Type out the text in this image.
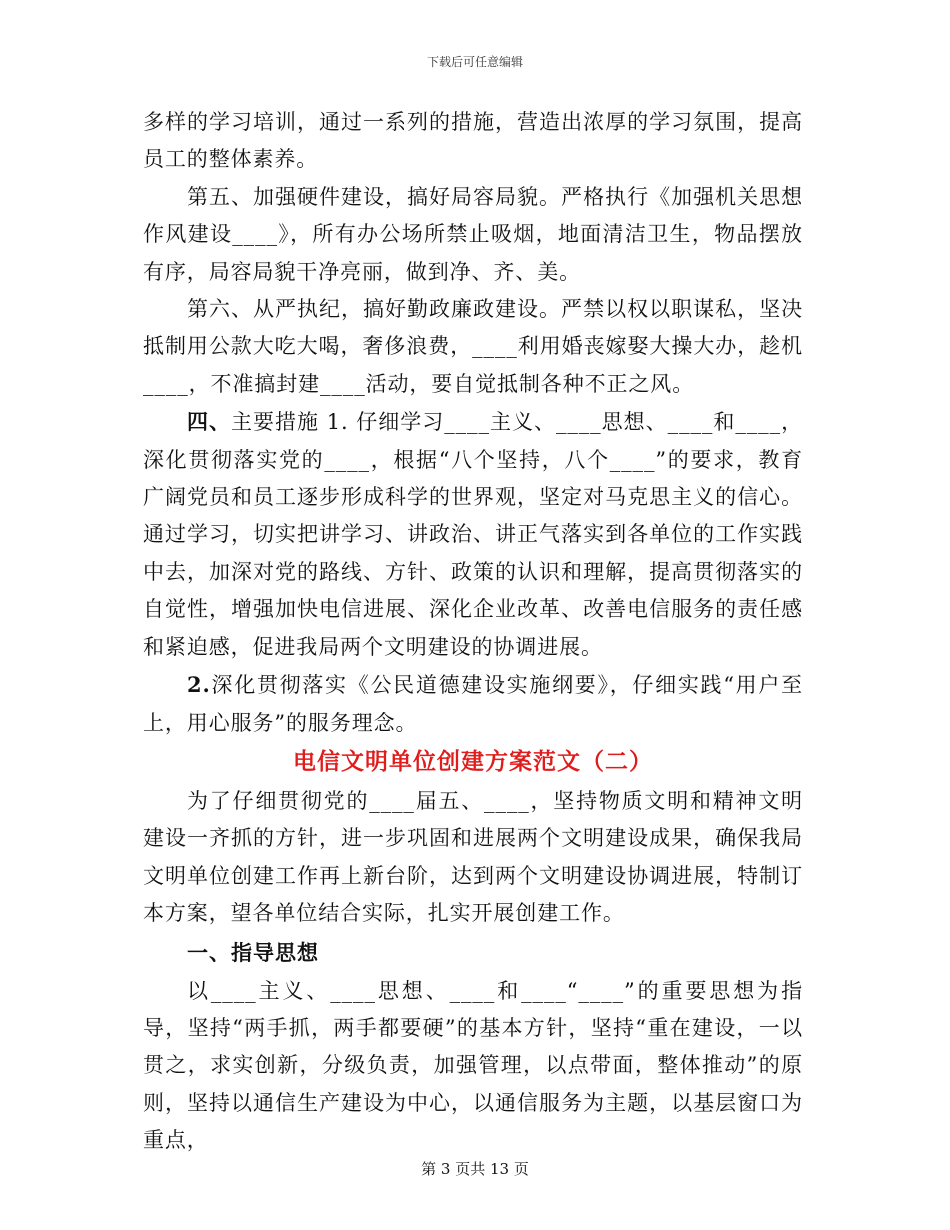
下载后可任意编辑

多样的学习培训，通过一系列的措施，营造出浓厚的学习氛围，提高员工的整体素养。

第五、加强硬件建设，搞好局容局貌。严格执行《加强机关思想作风建设____》，所有办公场所禁止吸烟，地面清洁卫生，物品摆放有序，局容局貌干净亮丽，做到净、齐、美。

第六、从严执纪，搞好勤政廉政建设。严禁以权以职谋私，坚决抵制用公款大吃大喝，奢侈浪费，____利用婚丧嫁娶大操大办，趁机____，不准搞封建____活动，要自觉抵制各种不正之风。

四、主要措施 1. 仔细学习____主义、____思想、____和____，深化贯彻落实党的____，根据“八个坚持，八个____”的要求，教育广阔党员和员工逐步形成科学的世界观，坚定对马克思主义的信心。通过学习，切实把讲学习、讲政治、讲正气落实到各单位的工作实践中去，加深对党的路线、方针、政策的认识和理解，提高贯彻落实的自觉性，增强加快电信进展、深化企业改革、改善电信服务的责任感和紧迫感，促进我局两个文明建设的协调进展。

2.深化贯彻落实《公民道德建设实施纲要》，仔细实践“用户至上，用心服务”的服务理念。

电信文明单位创建方案范文（二）

为了仔细贯彻党的____届五、____，坚持物质文明和精神文明建设一齐抓的方针，进一步巩固和进展两个文明建设成果，确保我局文明单位创建工作再上新台阶，达到两个文明建设协调进展，特制订本方案，望各单位结合实际，扎实开展创建工作。

一、指导思想

以____主义、____思想、____和____“____”的重要思想为指导，坚持“两手抓，两手都要硬”的基本方针，坚持“重在建设，一以贯之，求实创新，分级负责，加强管理，以点带面，整体推动”的原则，坚持以通信生产建设为中心，以通信服务为主题，以基层窗口为重点，

第 3 页共 13 页
